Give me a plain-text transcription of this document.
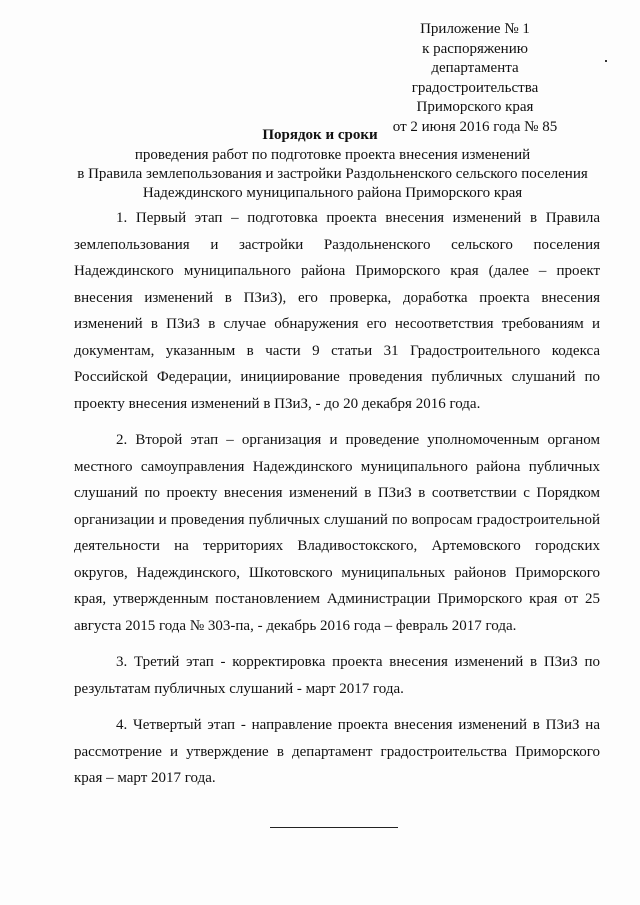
Приложение № 1
к распоряжению
департамента градостроительства
Приморского края
от 2 июня 2016 года № 85
Порядок и сроки
проведения работ по подготовке проекта внесения изменений
в Правила землепользования и застройки Раздольненского сельского поселения
Надеждинского муниципального района Приморского края

1. Первый этап – подготовка проекта внесения изменений в Правила землепользования и застройки Раздольненского сельского поселения Надеждинского муниципального района Приморского края (далее – проект внесения изменений в ПЗиЗ), его проверка, доработка проекта внесения изменений в ПЗиЗ в случае обнаружения его несоответствия требованиям и документам, указанным в части 9 статьи 31 Градостроительного кодекса Российской Федерации, инициирование проведения публичных слушаний по проекту внесения изменений в ПЗиЗ, - до 20 декабря 2016 года.

2. Второй этап – организация и проведение уполномоченным органом местного самоуправления Надеждинского муниципального района публичных слушаний по проекту внесения изменений в ПЗиЗ в соответствии с Порядком организации и проведения публичных слушаний по вопросам градостроительной деятельности на территориях Владивостокского, Артемовского городских округов, Надеждинского, Шкотовского муниципальных районов Приморского края, утвержденным постановлением Администрации Приморского края от 25 августа 2015 года № 303-па, - декабрь 2016 года – февраль 2017 года.

3. Третий этап - корректировка проекта внесения изменений в ПЗиЗ по результатам публичных слушаний - март 2017 года.

4. Четвертый этап - направление проекта внесения изменений в ПЗиЗ на рассмотрение и утверждение в департамент градостроительства Приморского края – март 2017 года.
